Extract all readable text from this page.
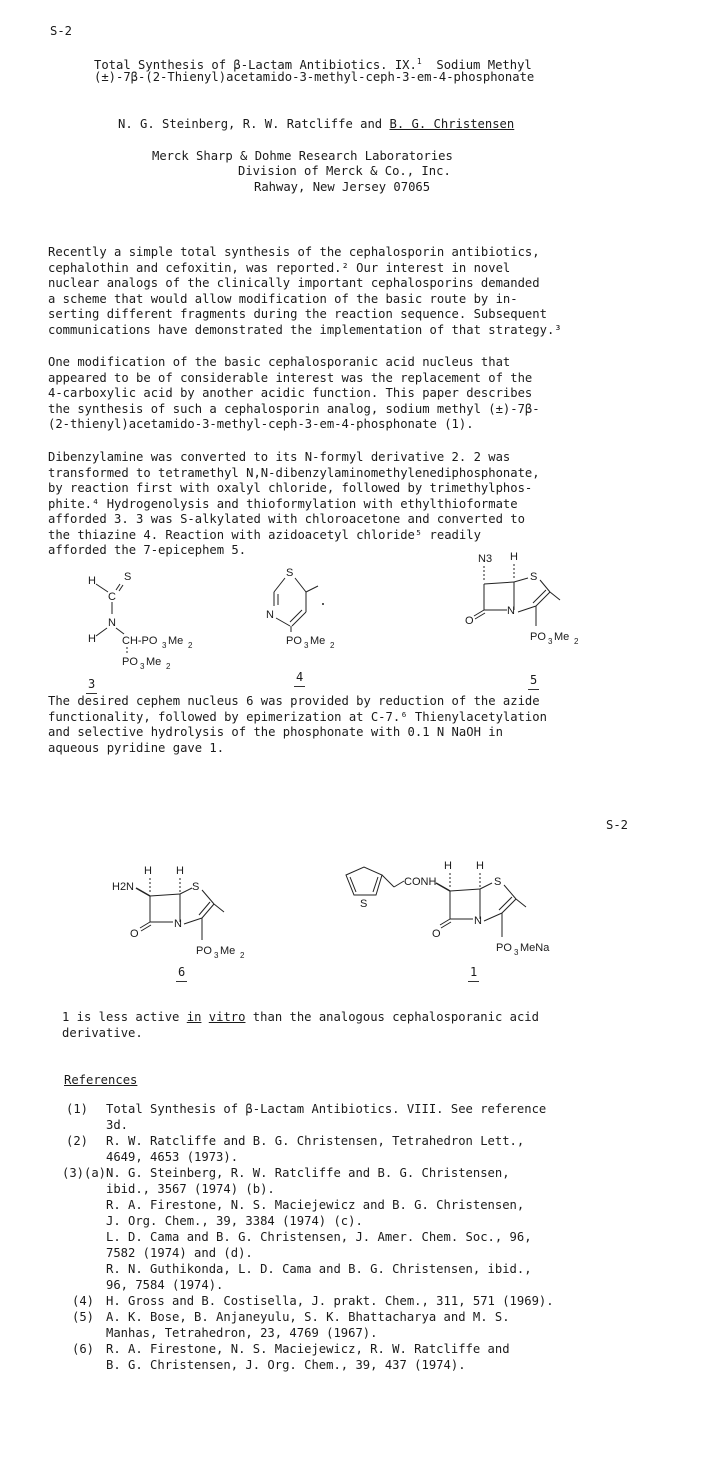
S-2
S-2
Total Synthesis of β-Lactam Antibiotics. IX.$^1$ Sodium Methyl
(±)-7β-(2-Thienyl)acetamido-3-methyl-ceph-3-em-4-phosphonate
N. G. Steinberg, R. W. Ratcliffe and B. G. Christensen
Merck Sharp & Dohme Research Laboratories
Division of Merck & Co., Inc.
Rahway, New Jersey 07065
Recently a simple total synthesis of the cephalosporin antibiotics,
cephalothin and cefoxitin, was reported.² Our interest in novel
nuclear analogs of the clinically important cephalosporins demanded
a scheme that would allow modification of the basic route by in-
serting different fragments during the reaction sequence. Subsequent
communications have demonstrated the implementation of that strategy.³
One modification of the basic cephalosporanic acid nucleus that
appeared to be of considerable interest was the replacement of the
4-carboxylic acid by another acidic function. This paper describes
the synthesis of such a cephalosporin analog, sodium methyl (±)-7β-
(2-thienyl)acetamido-3-methyl-ceph-3-em-4-phosphonate (1).
Dibenzylamine was converted to its N-formyl derivative 2. 2 was
transformed to tetramethyl N,N-dibenzylaminomethylenediphosphonate,
by reaction first with oxalyl chloride, followed by trimethylphos-
phite.⁴ Hydrogenolysis and thioformylation with ethylthioformate
afforded 3. 3 was S-alkylated with chloroacetone and converted to
the thiazine 4. Reaction with azidoacetyl chloride⁵ readily
afforded the 7-epicephem 5.
H	S
C
N
H CH-PO 3 Me 2
PO 3 Me 2
3
S
N
PO 3 Me 2
4
N3 H
O
N
S
PO 3 Me 2
5
The desired cephem nucleus 6 was provided by reduction of the azide
functionality, followed by epimerization at C-7.⁶ Thienylacetylation
and selective hydrolysis of the phosphonate with 0.1 N NaOH in
aqueous pyridine gave 1.
H H
H2N
O
N
S
PO 3 Me 2
6
S
CONH
H H
O
N
S
PO 3 MeNa
1
1 is less active in vitro than the analogous cephalosporanic acid
derivative.
References
(1) Total Synthesis of β-Lactam Antibiotics. VIII. See reference
3d.
(2) R. W. Ratcliffe and B. G. Christensen, Tetrahedron Lett.,
4649, 4653 (1973).
(3)(a) N. G. Steinberg, R. W. Ratcliffe and B. G. Christensen,
ibid., 3567 (1974) (b).
R. A. Firestone, N. S. Maciejewicz and B. G. Christensen,
J. Org. Chem., 39, 3384 (1974) (c).
L. D. Cama and B. G. Christensen, J. Amer. Chem. Soc., 96,
7582 (1974) and (d).
R. N. Guthikonda, L. D. Cama and B. G. Christensen, ibid.,
96, 7584 (1974).
(4) H. Gross and B. Costisella, J. prakt. Chem., 311, 571 (1969).
(5) A. K. Bose, B. Anjaneyulu, S. K. Bhattacharya and M. S.
Manhas, Tetrahedron, 23, 4769 (1967).
(6) R. A. Firestone, N. S. Maciejewicz, R. W. Ratcliffe and
B. G. Christensen, J. Org. Chem., 39, 437 (1974).
